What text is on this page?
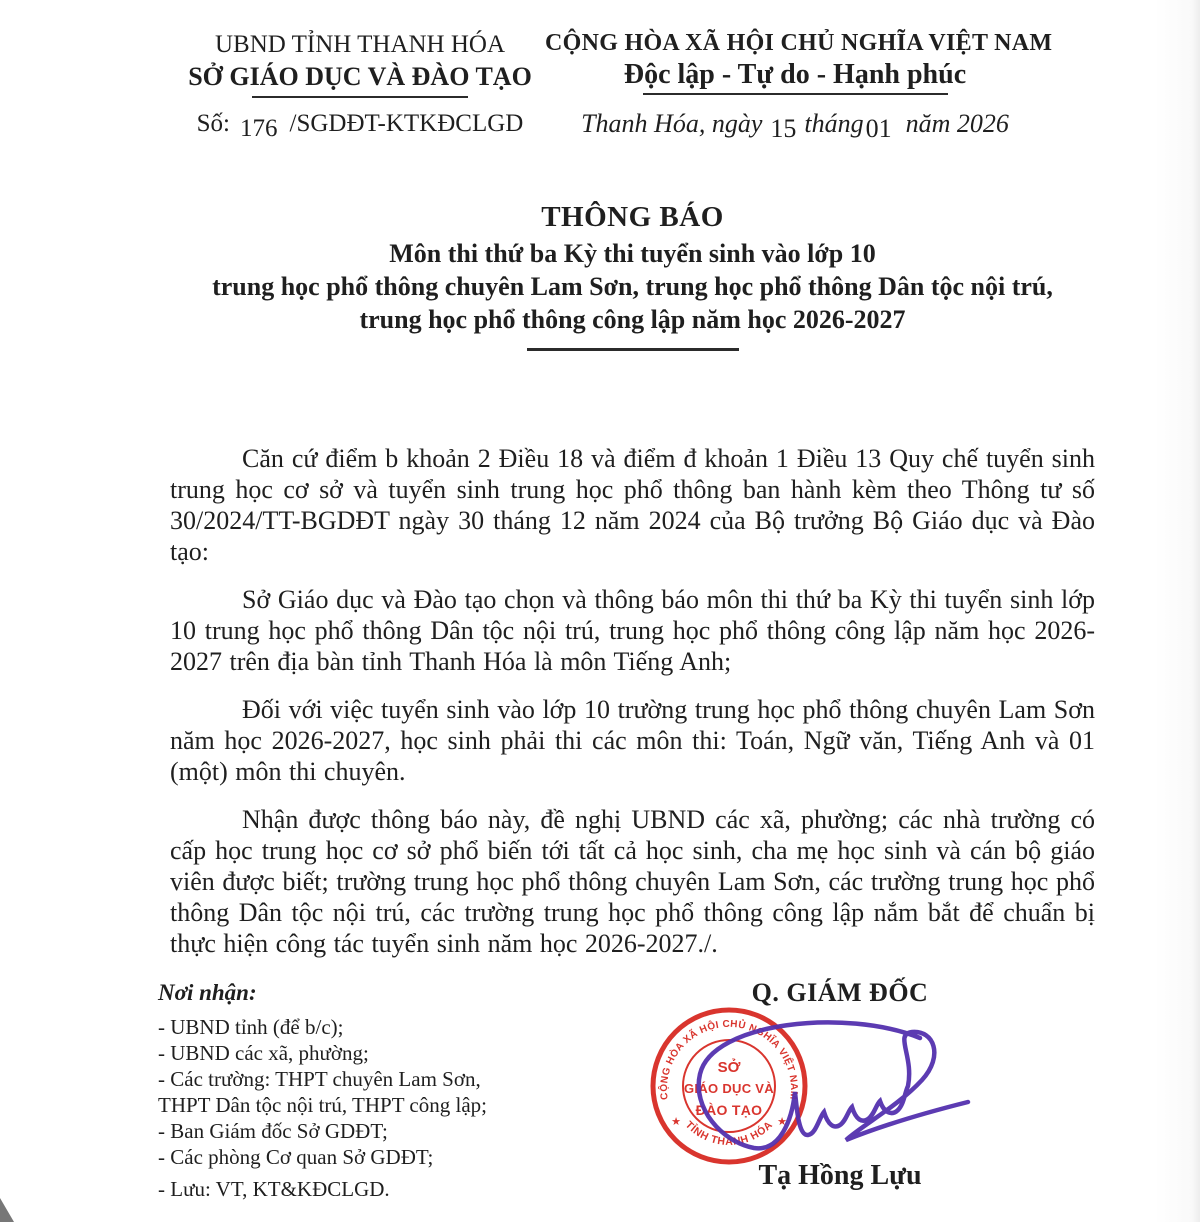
UBND TỈNH THANH HÓA
SỞ GIÁO DỤC VÀ ĐÀO TẠO
Số: 176 /SGDĐT-KTKĐCLGD
CỘNG HÒA XÃ HỘI CHỦ NGHĨA VIỆT NAM
Độc lập - Tự do - Hạnh phúc
Thanh Hóa, ngày 15 tháng01 năm 2026
THÔNG BÁO
Môn thi thứ ba Kỳ thi tuyển sinh vào lớp 10
trung học phổ thông chuyên Lam Sơn, trung học phổ thông Dân tộc nội trú,
trung học phổ thông công lập năm học 2026-2027

Căn cứ điểm b khoản 2 Điều 18 và điểm đ khoản 1 Điều 13 Quy chế tuyển sinh trung học cơ sở và tuyển sinh trung học phổ thông ban hành kèm theo Thông tư số 30/2024/TT-BGDĐT ngày 30 tháng 12 năm 2024 của Bộ trưởng Bộ Giáo dục và Đào tạo:

Sở Giáo dục và Đào tạo chọn và thông báo môn thi thứ ba Kỳ thi tuyển sinh lớp 10 trung học phổ thông Dân tộc nội trú, trung học phổ thông công lập năm học 2026-2027 trên địa bàn tỉnh Thanh Hóa là môn Tiếng Anh;

Đối với việc tuyển sinh vào lớp 10 trường trung học phổ thông chuyên Lam Sơn năm học 2026-2027, học sinh phải thi các môn thi: Toán, Ngữ văn, Tiếng Anh và 01 (một) môn thi chuyên.

Nhận được thông báo này, đề nghị UBND các xã, phường; các nhà trường có cấp học trung học cơ sở phổ biến tới tất cả học sinh, cha mẹ học sinh và cán bộ giáo viên được biết; trường trung học phổ thông chuyên Lam Sơn, các trường trung học phổ thông Dân tộc nội trú, các trường trung học phổ thông công lập nắm bắt để chuẩn bị thực hiện công tác tuyển sinh năm học 2026-2027./.

Nơi nhận:
- UBND tỉnh (để b/c);
- UBND các xã, phường;
- Các trường: THPT chuyên Lam Sơn,
THPT Dân tộc nội trú, THPT công lập;
- Ban Giám đốc Sở GDĐT;
- Các phòng Cơ quan Sở GDĐT;
- Lưu: VT, KT&KĐCLGD.
Q. GIÁM ĐỐC
CỘNG HÒA XÃ HỘI CHỦ NGHĨA VIỆT NAM
TỈNH THANH HÓA
★	★
SỞ
GIÁO DỤC VÀ
ĐÀO TẠO
Tạ Hồng Lựu
